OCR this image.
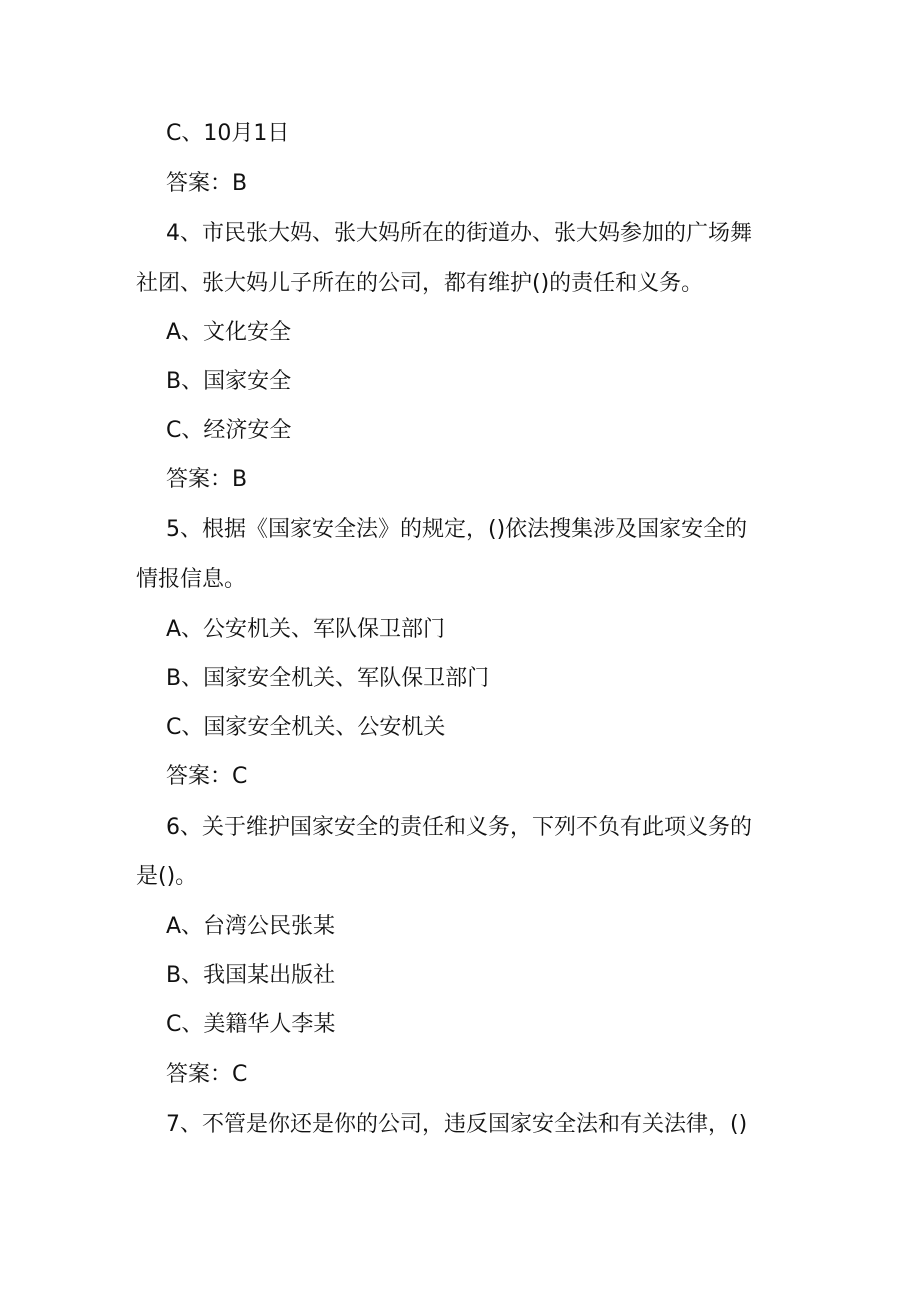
C、10月1日
答案：B
4、市民张大妈、张大妈所在的街道办、张大妈参加的广场舞
社团、张大妈儿子所在的公司，都有维护()的责任和义务。
A、文化安全
B、国家安全
C、经济安全
答案：B
5、根据《国家安全法》的规定，()依法搜集涉及国家安全的
情报信息。
A、公安机关、军队保卫部门
B、国家安全机关、军队保卫部门
C、国家安全机关、公安机关
答案：C
6、关于维护国家安全的责任和义务，下列不负有此项义务的
是()。
A、台湾公民张某
B、我国某出版社
C、美籍华人李某
答案：C
7、不管是你还是你的公司，违反国家安全法和有关法律，()
